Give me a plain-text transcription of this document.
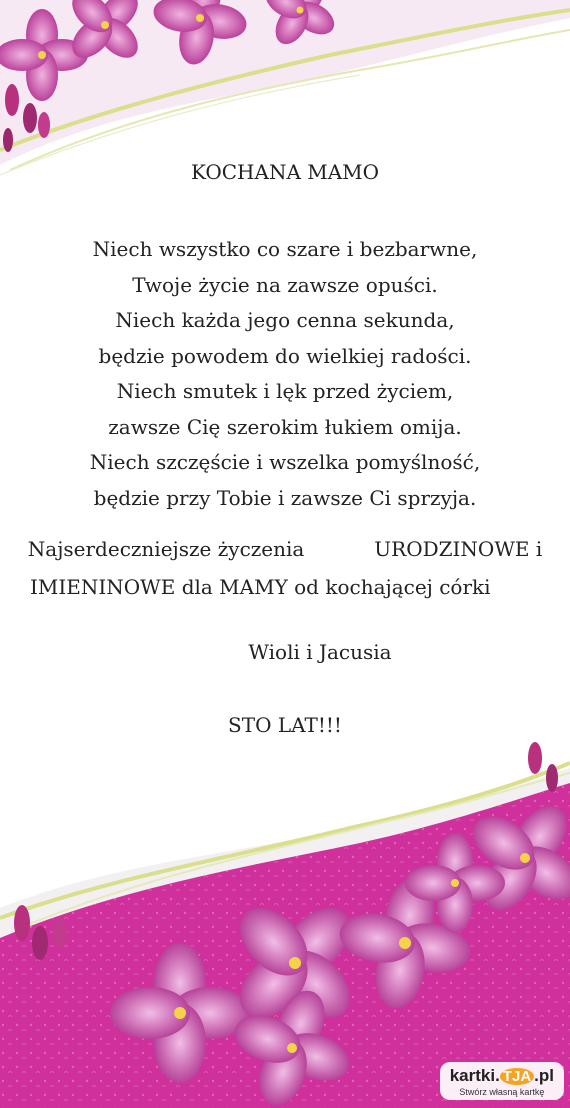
KOCHANA MAMO
Niech wszystko co szare i bezbarwne,
Twoje życie na zawsze opuści.
Niech każda jego cenna sekunda,
będzie powodem do wielkiej radości.
Niech smutek i lęk przed życiem,
zawsze Cię szerokim łukiem omija.
Niech szczęście i wszelka pomyślność,
będzie przy Tobie i zawsze Ci sprzyja.
Najserdeczniejsze życzenia           URODZINOWE i
IMIENINOWE dla MAMY od kochającej córki
Wioli i Jacusia
STO LAT!!!
kartki. TJA .pl
Stwórz własną kartkę
